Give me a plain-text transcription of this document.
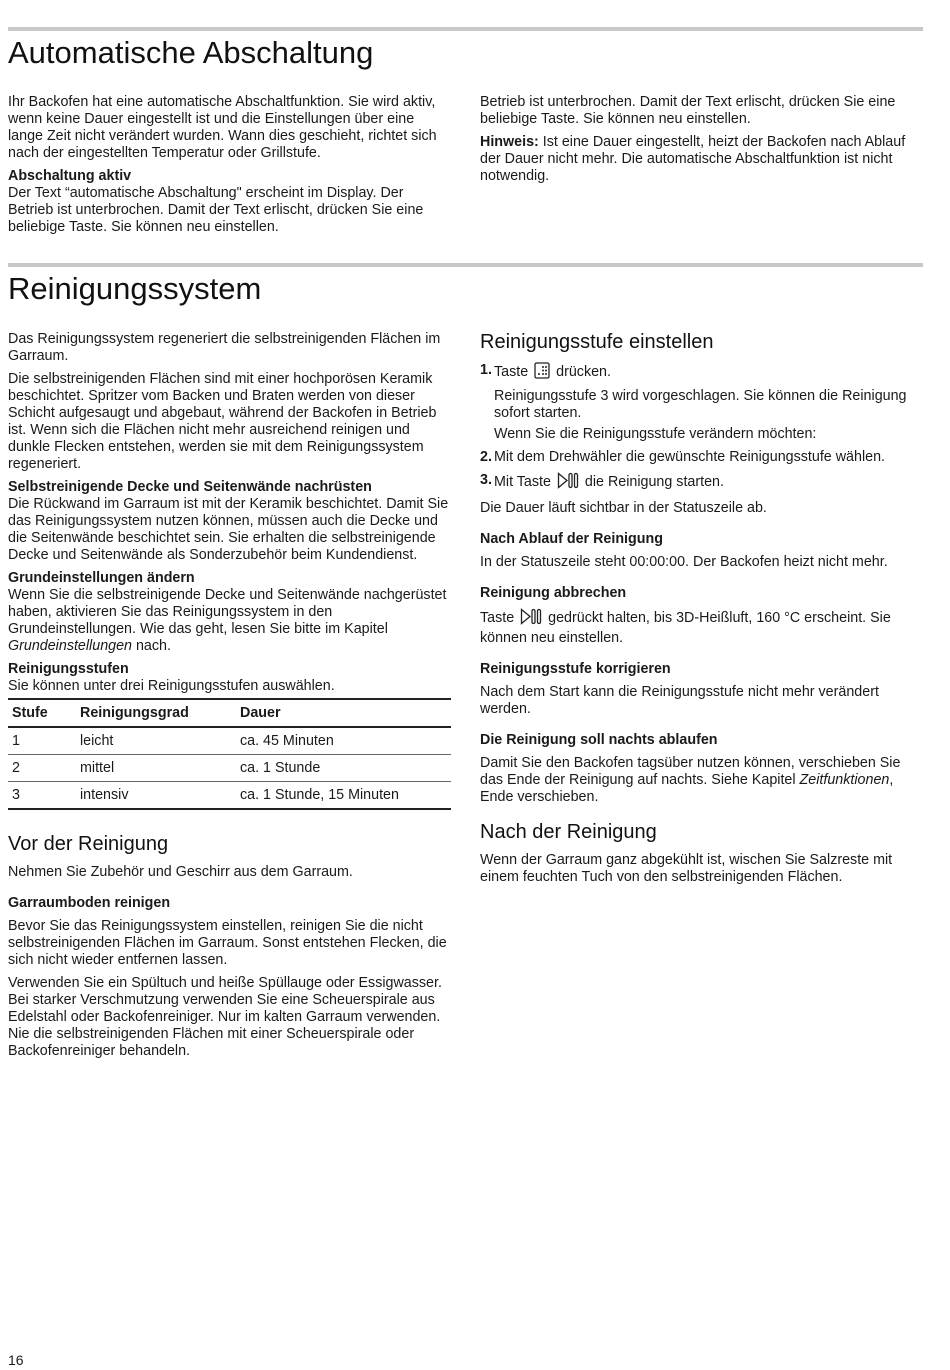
Automatische Abschaltung

Ihr Backofen hat eine automatische Abschaltfunktion. Sie wird aktiv, wenn keine Dauer eingestellt ist und die Einstellungen über eine lange Zeit nicht verändert wurden. Wann dies geschieht, richtet sich nach der eingestellten Temperatur oder Grillstufe.

Abschaltung aktiv

Der Text “automatische Abschaltung" erscheint im Display. Der Betrieb ist unterbrochen. Damit der Text erlischt, drücken Sie eine beliebige Taste. Sie können neu einstellen.

Betrieb ist unterbrochen. Damit der Text erlischt, drücken Sie eine beliebige Taste. Sie können neu einstellen.

Hinweis: Ist eine Dauer eingestellt, heizt der Backofen nach Ablauf der Dauer nicht mehr. Die automatische Abschaltfunktion ist nicht notwendig.

Reinigungssystem

Das Reinigungssystem regeneriert die selbstreinigenden Flächen im Garraum.

Die selbstreinigenden Flächen sind mit einer hochporösen Keramik beschichtet. Spritzer vom Backen und Braten werden von dieser Schicht aufgesaugt und abgebaut, während der Backofen in Betrieb ist. Wenn sich die Flächen nicht mehr ausreichend reinigen und dunkle Flecken entstehen, werden sie mit dem Reinigungssystem regeneriert.

Selbstreinigende Decke und Seitenwände nachrüsten

Die Rückwand im Garraum ist mit der Keramik beschichtet. Damit Sie das Reinigungssystem nutzen können, müssen auch die Decke und die Seitenwände beschichtet sein. Sie erhalten die selbstreinigende Decke und Seitenwände als Sonderzubehör beim Kundendienst.

Grundeinstellungen ändern

Wenn Sie die selbstreinigende Decke und Seitenwände nachgerüstet haben, aktivieren Sie das Reinigungssystem in den Grundeinstellungen. Wie das geht, lesen Sie bitte im Kapitel Grundeinstellungen nach.

Reinigungsstufen

Sie können unter drei Reinigungsstufen auswählen.

Stufe	Reinigungsgrad	Dauer
1	leicht	ca. 45 Minuten
2	mittel	ca. 1 Stunde
3	intensiv	ca. 1 Stunde, 15 Minuten
Vor der Reinigung

Nehmen Sie Zubehör und Geschirr aus dem Garraum.

Garraumboden reinigen

Bevor Sie das Reinigungssystem einstellen, reinigen Sie die nicht selbstreinigenden Flächen im Garraum. Sonst entstehen Flecken, die sich nicht wieder entfernen lassen.

Verwenden Sie ein Spültuch und heiße Spüllauge oder Essigwasser. Bei starker Verschmutzung verwenden Sie eine Scheuerspirale aus Edelstahl oder Backofenreiniger. Nur im kalten Garraum verwenden. Nie die selbstreinigenden Flächen mit einer Scheuerspirale oder Backofenreiniger behandeln.

Reinigungsstufe einstellen
1. Taste  drücken.

Reinigungsstufe 3 wird vorgeschlagen. Sie können die Reinigung sofort starten.

Wenn Sie die Reinigungsstufe verändern möchten:

2. Mit dem Drehwähler die gewünschte Reinigungsstufe wählen.
3. Mit Taste  die Reinigung starten.

Die Dauer läuft sichtbar in der Statuszeile ab.

Nach Ablauf der Reinigung

In der Statuszeile steht 00:00:00. Der Backofen heizt nicht mehr.

Reinigung abbrechen

Taste  gedrückt halten, bis 3D-Heißluft, 160 °C erscheint. Sie können neu einstellen.

Reinigungsstufe korrigieren

Nach dem Start kann die Reinigungsstufe nicht mehr verändert werden.

Die Reinigung soll nachts ablaufen

Damit Sie den Backofen tagsüber nutzen können, verschieben Sie das Ende der Reinigung auf nachts. Siehe Kapitel Zeitfunktionen, Ende verschieben.

Nach der Reinigung

Wenn der Garraum ganz abgekühlt ist, wischen Sie Salzreste mit einem feuchten Tuch von den selbstreinigenden Flächen.

16
